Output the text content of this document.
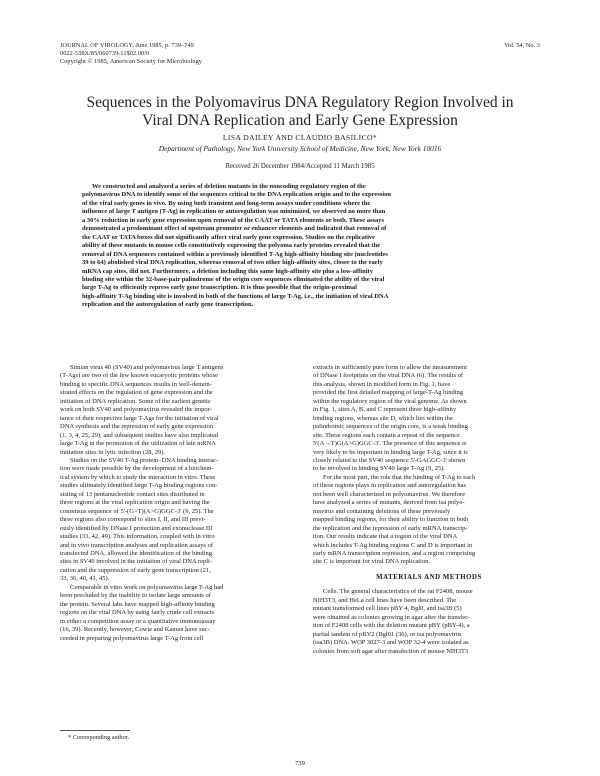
JOURNAL OF VIROLOGY, June 1985, p. 739–749
0022-538X/85/060739-11$02.00/0
Copyright © 1985, American Society for Microbiology
Vol. 54, No. 3
Sequences in the Polyomavirus DNA Regulatory Region Involved in
Viral DNA Replication and Early Gene Expression
LISA DAILEY AND CLAUDIO BASILICO*
Department of Pathology, New York University School of Medicine, New York, New York 10016
Received 26 December 1984/Accepted 11 March 1985
We constructed and analyzed a series of deletion mutants in the noncoding regulatory region of the
polyomavirus DNA to identify some of the sequences critical to the DNA replication origin and to the expression
of the viral early genes in vivo. By using both transient and long-term assays under conditions where the
influence of large T antigen (T-Ag) in replication or autoregulation was minimized, we observed no more than
a 30% reduction in early gene expression upon removal of the CAAT or TATA elements or both. These assays
demonstrated a predominant effect of upstream promoter or enhancer elements and indicated that removal of
the CAAT or TATA boxes did not significantly affect viral early gene expression. Studies on the replicative
ability of these mutants in mouse cells constitutively expressing the polyoma early proteins revealed that the
removal of DNA sequences contained within a previously identified T-Ag high-affinity binding site (nucleotides
39 to 64) abolished viral DNA replication, whereas removal of two other high-affinity sites, closer to the early
mRNA cap sites, did not. Furthermore, a deletion including this same high-affinity site plus a low-affinity
binding site within the 32-base-pair palindrome of the origin core sequences eliminated the ability of the viral
large T-Ag to efficiently repress early gene transcription. It is thus possible that the origin-proximal
high-affinity T-Ag binding site is involved in both of the functions of large T-Ag, i.e., the initiation of viral DNA
replication and the autoregulation of early gene transcription.
Simian virus 40 (SV40) and polyomavirus large T antigens
(T-Ags) are two of the few known eucaryotic proteins whose
binding to specific DNA sequences results in well-demon-
strated effects on the regulation of gene expression and the
initiation of DNA replication. Some of the earliest genetic
work on both SV40 and polyomavirus revealed the impor-
tance of their respective large T-Ags for the initiation of viral
DNA synthesis and the repression of early gene expression
(1, 3, 4, 25, 29), and subsequent studies have also implicated
large T-Ag in the promotion of the utilization of late mRNA
initiation sites in lytic infection (28, 29).
Studies on the SV40 T-Ag protein–DNA binding interac-
tion were made possible by the development of a biochem-
ical system by which to study the interaction in vitro. These
studies ultimately identified large T-Ag binding regions con-
sisting of 13 pentanucleotide contact sites distributed in
three regions at the viral replication origin and having the
consensus sequence of 5'-(G>T)(A>G)GGC-3' (9, 25). The
three regions also correspond to sites I, II, and III previ-
ously identified by DNase I protection and exonuclease III
studies (33, 42, 49). This information, coupled with in vitro
and in vivo transcription analyses and replication assays of
transfected DNA, allowed the identification of the binding
sites in SV40 involved in the initiation of viral DNA repli-
cation and the suppression of early gene transcription (21,
33, 36, 40, 41, 45).
Comparable in vitro work on polyomavirus large T-Ag had
been precluded by the inability to isolate large amounts of
the protein. Several labs have mapped high-affinity binding
regions on the viral DNA by using fairly crude cell extracts
in either a competition assay or a quantitative immunoassay
(16, 39). Recently, however, Cowie and Kamen have suc-
ceeded in preparing polyomavirus large T-Ag from cell
extracts in sufficiently pure form to allow the measurement
of DNase I footprints on the viral DNA (6). The results of
this analysis, shown in modified form in Fig. 1, have
provided the first detailed mapping of large-T-Ag binding
within the regulatory region of the viral genome. As shown
in Fig. 1, sites A, B, and C represent three high-affinity
binding regions, whereas site D, which lies within the
palindromic sequences of the origin core, is a weak binding
site. These regions each contain a repeat of the sequence
5'(A→T)G(A>G)GGC-3'. The presence of this sequence is
very likely to be important in binding large T-Ag, since it is
closely related to the SV40 sequence 5'-GAGGC-3' shown
to be involved in binding SV40 large T-Ag (9, 25).
For the most part, the role that the binding of T-Ag to each
of these regions plays in replication and autoregulation has
not been well characterized in polyomavirus. We therefore
have analyzed a series of mutants, derived from tsa polyo-
mavirus and containing deletions of these previously
mapped binding regions, for their ability to function in both
the replication and the repression of early mRNA transcrip-
tion. Our results indicate that a region of the viral DNA
which includes T-Ag binding regions C and D is important in
early mRNA transcription repression, and a region comprising
site C is important for viral DNA replication.
MATERIALS AND METHODS
Cells. The general characteristics of the rat F2408, mouse
NIH3T3, and HeLa cell lines have been described. The
mutant transformed cell lines pBY 4, Bgl0, and tsa3B (5)
were obtained as colonies growing in agar after the transfec-
tion of F2408 cells with the deletion mutant pBY (pBY-4), a
partial tandem of pBY2 (Bgl01 (36), or tsa polyomavirus
(tsa3B) DNA. WOP 3027-3 and WOP 32-4 were isolated as
colonies from soft agar after transfection of mouse NIH3T3
* Corresponding author.
739
